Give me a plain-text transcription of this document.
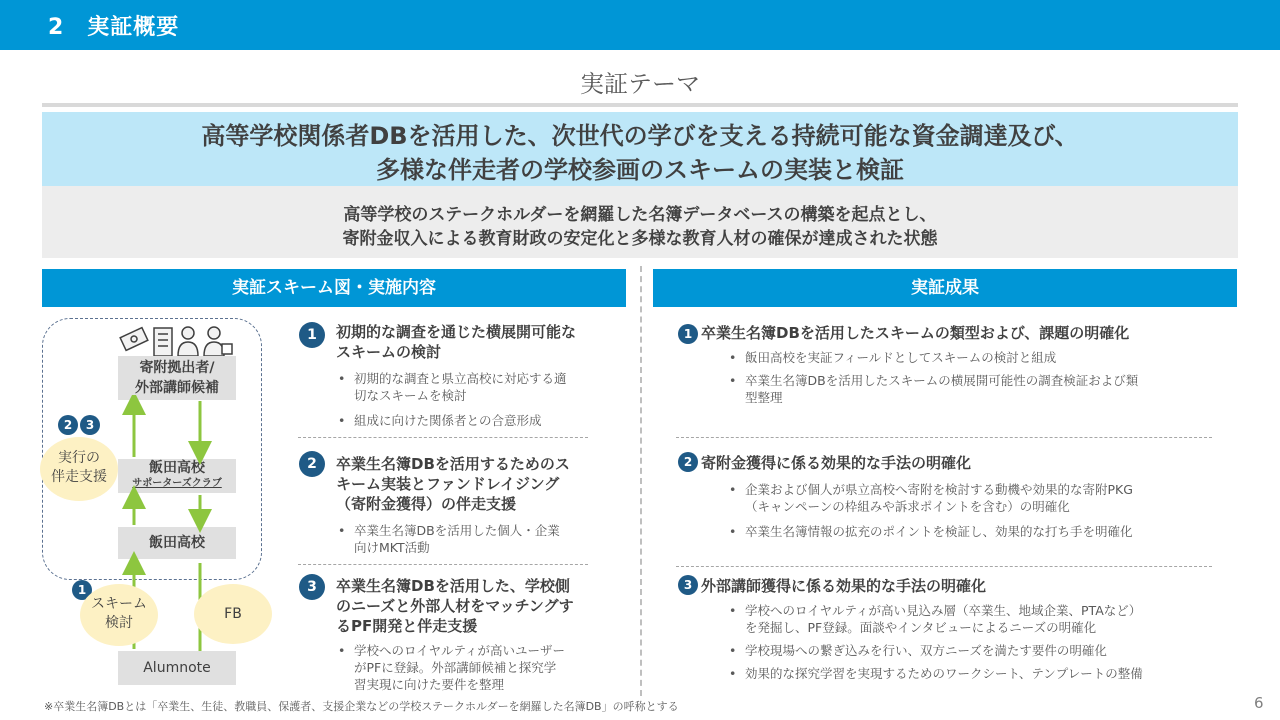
2　実証概要
実証テーマ
高等学校関係者DBを活用した、次世代の学びを支える持続可能な資金調達及び、
多様な伴走者の学校参画のスキームの実装と検証
高等学校のステークホルダーを網羅した名簿データベースの構築を起点とし、
寄附金収入による教育財政の安定化と多様な教育人材の確保が達成された状態
実証スキーム図・実施内容	実証成果
寄附拠出者/
外部講師候補
飯田高校
サポーターズクラブ
飯田高校
Alumnote
2	3
実行の
伴走支援
1
スキーム
検討
FB
1	初期的な調査を通じた横展開可能な
スキームの検討
• 初期的な調査と県立高校に対応する適
切なスキームを検討
• 組成に向けた関係者との合意形成
2	卒業生名簿DBを活用するためのス
キーム実装とファンドレイジング
（寄附金獲得）の伴走支援
• 卒業生名簿DBを活用した個人・企業
向けMKT活動
3	卒業生名簿DBを活用した、学校側
のニーズと外部人材をマッチングす
るPF開発と伴走支援
• 学校へのロイヤルティが高いユーザー
がPFに登録。外部講師候補と探究学
習実現に向けた要件を整理
1 卒業生名簿DBを活用したスキームの類型および、課題の明確化
• 飯田高校を実証フィールドとしてスキームの検討と組成
• 卒業生名簿DBを活用したスキームの横展開可能性の調査検証および類
型整理
2 寄附金獲得に係る効果的な手法の明確化
• 企業および個人が県立高校へ寄附を検討する動機や効果的な寄附PKG
（キャンペーンの枠組みや訴求ポイントを含む）の明確化
• 卒業生名簿情報の拡充のポイントを検証し、効果的な打ち手を明確化
3 外部講師獲得に係る効果的な手法の明確化
• 学校へのロイヤルティが高い見込み層（卒業生、地域企業、PTAなど）
を発掘し、PF登録。面談やインタビューによるニーズの明確化
• 学校現場への繋ぎ込みを行い、双方ニーズを満たす要件の明確化
• 効果的な探究学習を実現するためのワークシート、テンプレートの整備
※卒業生名簿DBとは「卒業生、生徒、教職員、保護者、支援企業などの学校ステークホルダーを網羅した名簿DB」の呼称とする	6
